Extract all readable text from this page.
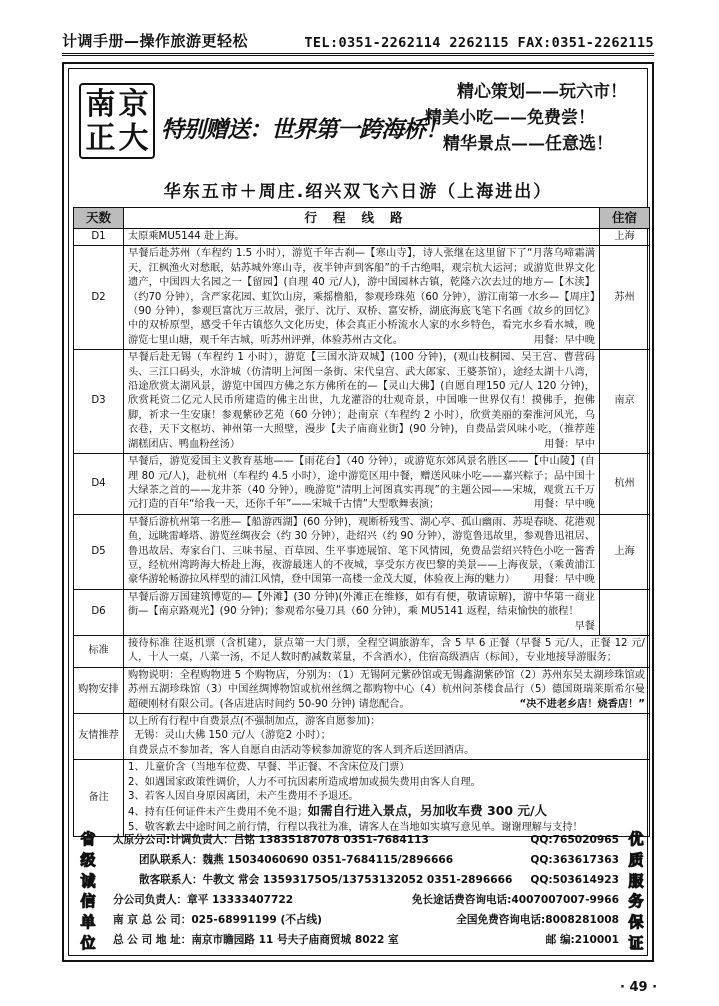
计调手册—操作旅游更轻松	TEL:0351-2262114 2262115 FAX:0351-2262115
南 京
正 大 特别赠送：世界第一跨海桥！
精心策划——玩六市！
精美小吃——免费尝！
精华景点——任意选！
华东五市＋周庄.绍兴双飞六日游（上海进出）
天数	行程线路	住宿
D1	太原乘MU5144 赴上海。	上海
D2	早餐后赴苏州（车程约 1.5 小时），游览千年古刹—【寒山寺】，诗人张继在这里留下了“月落乌啼霜满天，江枫渔火对愁眠，姑苏城外寒山寺，夜半钟声到客船”的千古绝唱，观宗杭大运河；或游览世界文化遗产，中国四大名园之一【留园】(自理 40 元/人)，游中国园林古镇，乾隆六次去过的地方—【木渎】（约70 分钟），含严家花园、虹饮山房，乘摇橹船，参观珍珠苑（60 分钟），游江南第一水乡—【周庄】（90 分钟），参观巨富沈万三故居，张厅、沈厅、双桥、富安桥，湖底海底飞笔下名画《故乡的回忆》中的双桥原型，感受千年古镇悠久文化历史，体会真正小桥流水人家的水乡特色，看完水乡看水城，晚游览七里山塘，观千年古城，听苏州评弹，体验苏州古文化。 用餐：早中晚	苏州
D3	早餐后赴无锡（车程约 1 小时），游览【三国水浒双城】(100 分钟)，(观山枝桐园、吴王宫、曹营码头、三江口码头，水浒城（仿清明上河图一条街、宋代皇宫、武大郎家、王婆茶馆），途经太湖十八湾，沿途欣赏太湖风景，游览中国四方佛之东方佛所在的—【灵山大佛】(自愿自理150 元/人 120 分钟)，欣赏耗资二亿元人民币所建造的佛主出世，九龙灌浴的壮观奇景，中国唯一世界仅有！摸佛手，抱佛脚，祈求一生安康！参观紫砂艺苑（60 分钟）；赴南京（车程约 2 小时），欣赏美丽的秦淮河风光，乌衣巷，天下文枢坊、神州第一大照壁，漫步【夫子庙商业街】(90 分钟)，自费品尝风味小吃，（推荐莲湖糕团店、鸭血粉丝汤） 用餐：早中	南京
D4	早餐后，游览爱国主义教育基地——【雨花台】（40 分钟），或游览东郊风景名胜区——【中山陵】(自理 80 元/人)，赴杭州（车程约 4.5 小时），途中游览区用中餐，赠送风味小吃——嘉兴粽子；品中国十大绿茶之首的——龙井茶（40 分钟），晚游览“清明上河图真实再现”的主题公园——宋城，观赏五千万元打造的百年“给我一天，还你千年”——宋城千古情”大型歌舞表演； 用餐：早中晚	杭州
D5	早餐后游杭州第一名胜—【船游西湖】(60 分钟)，观断桥残雪、湖心亭、孤山幽雨、苏堤春晓、花港观鱼，远眺雷峰塔、游览丝绸夜会（约 30 分钟），赴绍兴（约 90 分钟），游览鲁迅故里，参观鲁迅祖居、鲁迅故居、寿家台门、三味书屋、百草园、生平事迹展馆、笔下风情园，免费品尝绍兴特色小吃一酱香豆，经杭州湾跨海大桥赴上海，夜游最迷人的不夜城，享受东方夜巴黎的美景——上海夜景，（乘黄浦江豪华游轮畅游拉风样型的浦江风情，登中国第一高楼一金茂大厦，体验夜上海的魅力） 用餐：早中晚	上海
D6	早餐后游万国建筑博览的—【外滩】(30 分钟)(外滩正在维修，如有有便，敬请谅解)，游中华第一商业街—【南京路观光】(90 分钟)；参观希尔曼刀具（60 分钟），乘 MU5141 返程，结束愉快的旅程！
早餐	

标准	接待标准 往返机票（含机建），景点第一大门票，全程空调旅游车，含 5 早 6 正餐（早餐 5 元/人，正餐 12 元/人，十人一桌，八菜一汤，不足人数时酌减数菜量，不含酒水），住宿高级酒店（标间），专业地接导游服务；	
购物安排	购物说明：全程购物进 5 个购物店，分别为：（1）无锡阿元紫砂馆或无锡鑫湖紫砂馆（2）苏州东吴太湖珍珠馆或苏州五湖珍珠馆（3）中国丝绸博物馆或杭州丝绸之都购物中心（4）杭州问茶楼食品行（5）德国斑瑞莱斯希尔曼超硬刚材有限公司。(各店进店时间约 50-90 分钟) 请您配合。 “决不进老乡店！烧香店！”	

友情推荐	以上所有行程中自费景点(不强制加点，游客自愿参加)：
无锡：灵山大佛 150 元/人（游览2 小时）；
自费景点不参加者，客人自愿自由活动等候参加游览的客人到齐后送回酒店。	

备注	1、儿童价含（当地车位费、早餐、半正餐、不含床位及门票）
2、如遇国家政策性调价，人力不可抗因素所造成增加或损失费用由客人自理。
3、若客人因自身原因离团，未产生费用不予退还。
4、持有任何证件未产生费用不免不退；如需自行进入景点，另加收车费 300 元/人
5、敬客歉去中途时间之前行情，行程以我社为准，请客人在当地如实填写意见单。谢谢理解与支持！	
省
级
诚
信
单
位
优
质
服
务
保
证
太原分公司:计调负责人：吕铭 13835187078 0351-7684113	QQ:765020965
团队联系人：魏燕 15034060690 0351-7684115/2896666	QQ:363617363
散客联系人：牛教文 常会 13593175O5/13753132052 0351-2896666 QQ:503614923
分公司负责人：章平 13333407722	免长途话费咨询电话:4007007007-9966
南 京 总 公 司：025-68991199 (不占线)	全国免费咨询电话:8008281008
总 公 司 地 址：南京市瞻园路 11 号夫子庙商贸城 8022 室	邮 编:210001
· 49 ·
